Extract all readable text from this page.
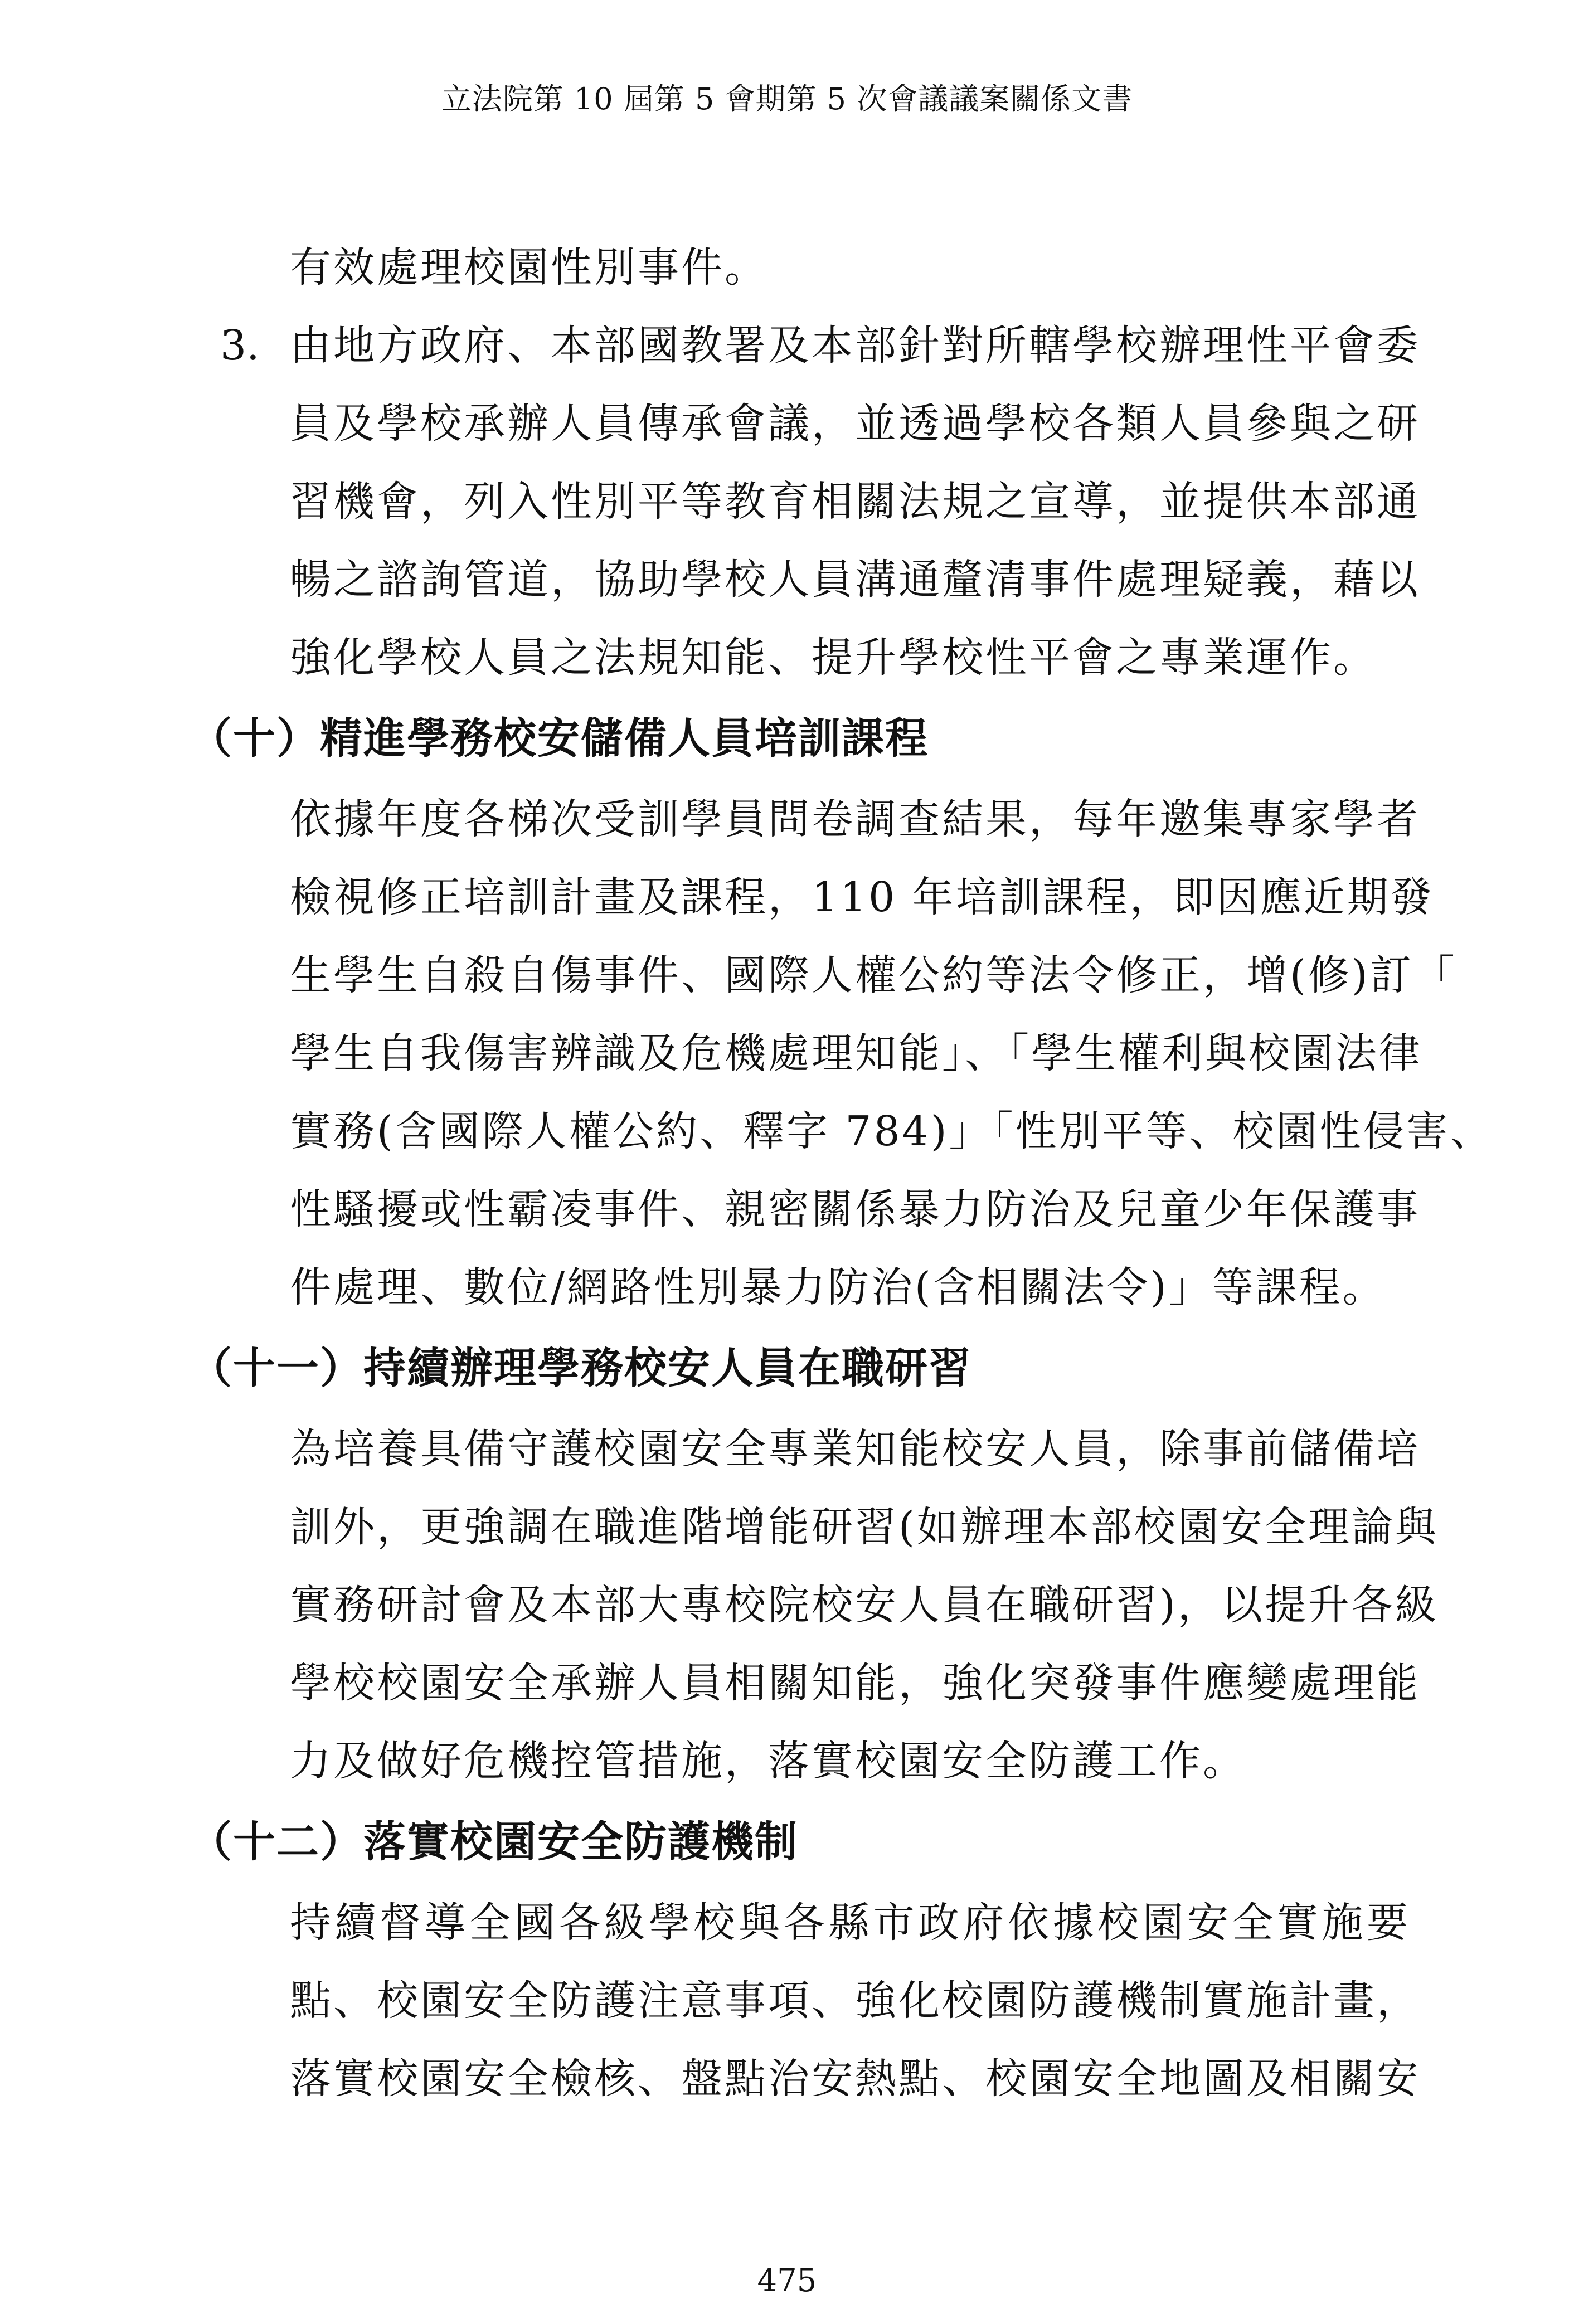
立法院第 10 屆第 5 會期第 5 次會議議案關係文書
有效處理校園性別事件。
3. 由地方政府、本部國教署及本部針對所轄學校辦理性平會委
員及學校承辦人員傳承會議，並透過學校各類人員參與之研
習機會，列入性別平等教育相關法規之宣導，並提供本部通
暢之諮詢管道，協助學校人員溝通釐清事件處理疑義，藉以
強化學校人員之法規知能、提升學校性平會之專業運作。
（十）精進學務校安儲備人員培訓課程
依據年度各梯次受訓學員問卷調查結果，每年邀集專家學者
檢視修正培訓計畫及課程，110 年培訓課程，即因應近期發
生學生自殺自傷事件、國際人權公約等法令修正，增(修)訂「
學生自我傷害辨識及危機處理知能」、「學生權利與校園法律
實務(含國際人權公約、釋字 784)」「性別平等、校園性侵害、
性騷擾或性霸凌事件、親密關係暴力防治及兒童少年保護事
件處理、數位/網路性別暴力防治(含相關法令)」等課程。
（十一）持續辦理學務校安人員在職研習
為培養具備守護校園安全專業知能校安人員，除事前儲備培
訓外，更強調在職進階增能研習(如辦理本部校園安全理論與
實務研討會及本部大專校院校安人員在職研習)，以提升各級
學校校園安全承辦人員相關知能，強化突發事件應變處理能
力及做好危機控管措施，落實校園安全防護工作。
（十二）落實校園安全防護機制
持續督導全國各級學校與各縣市政府依據校園安全實施要
點、校園安全防護注意事項、強化校園防護機制實施計畫，
落實校園安全檢核、盤點治安熱點、校園安全地圖及相關安
475
